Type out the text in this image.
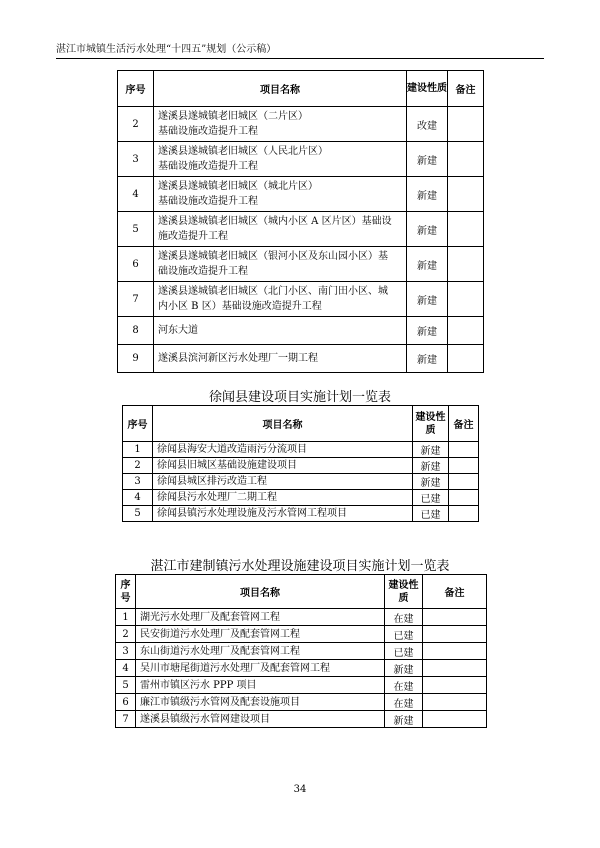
湛江市城镇生活污水处理“十四五”规划（公示稿）
序号	项目名称	建设性质	备注
2	遂溪县遂城镇老旧城区（二片区）
基础设施改造提升工程	改建	
3	遂溪县遂城镇老旧城区（人民北片区）
基础设施改造提升工程	新建	
4	遂溪县遂城镇老旧城区（城北片区）
基础设施改造提升工程	新建	
5	遂溪县遂城镇老旧城区（城内小区 A 区片区）基础设
施改造提升工程	新建	
6	遂溪县遂城镇老旧城区（银河小区及东山园小区）基
础设施改造提升工程	新建	
7	遂溪县遂城镇老旧城区（北门小区、南门田小区、城
内小区 B 区）基础设施改造提升工程	新建	
8	河东大道	新建	
9	遂溪县滨河新区污水处理厂一期工程	新建	
徐闻县建设项目实施计划一览表
序号	项目名称	建设性质	备注
1	徐闻县海安大道改造雨污分流项目	新建	
2	徐闻县旧城区基础设施建设项目	新建	
3	徐闻县城区排污改造工程	新建	
4	徐闻县污水处理厂二期工程	已建	
5	徐闻县镇污水处理设施及污水管网工程项目	已建	
湛江市建制镇污水处理设施建设项目实施计划一览表
序号	项目名称	建设性质	备注
1	湖光污水处理厂及配套管网工程	在建	
2	民安街道污水处理厂及配套管网工程	已建	
3	东山街道污水处理厂及配套管网工程	已建	
4	吴川市塘尾街道污水处理厂及配套管网工程	新建	
5	雷州市镇区污水 PPP 项目	在建	
6	廉江市镇级污水管网及配套设施项目	在建	
7	遂溪县镇级污水管网建设项目	新建	
34
